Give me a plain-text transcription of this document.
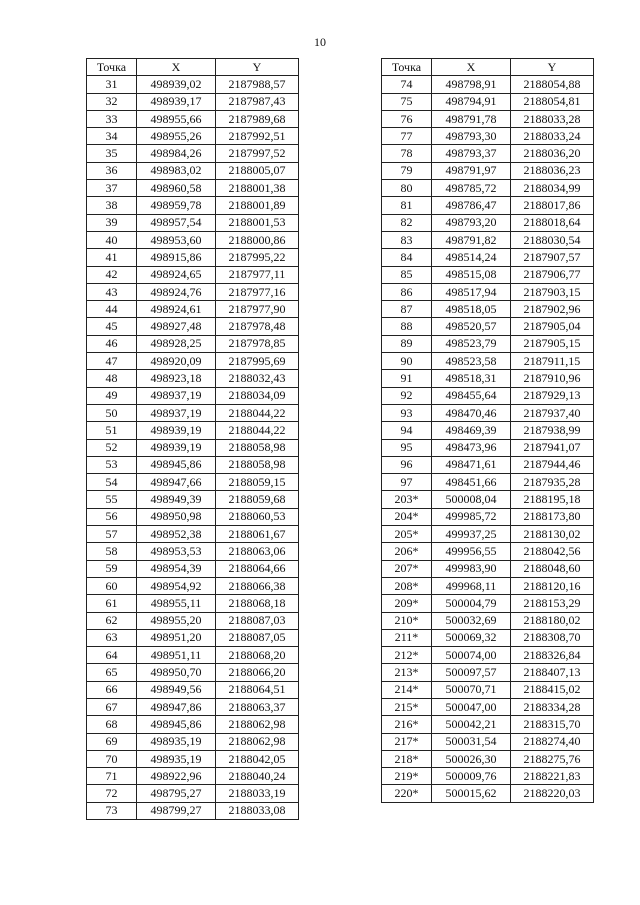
10
Точка	X	Y
31	498939,02	2187988,57
32	498939,17	2187987,43
33	498955,66	2187989,68
34	498955,26	2187992,51
35	498984,26	2187997,52
36	498983,02	2188005,07
37	498960,58	2188001,38
38	498959,78	2188001,89
39	498957,54	2188001,53
40	498953,60	2188000,86
41	498915,86	2187995,22
42	498924,65	2187977,11
43	498924,76	2187977,16
44	498924,61	2187977,90
45	498927,48	2187978,48
46	498928,25	2187978,85
47	498920,09	2187995,69
48	498923,18	2188032,43
49	498937,19	2188034,09
50	498937,19	2188044,22
51	498939,19	2188044,22
52	498939,19	2188058,98
53	498945,86	2188058,98
54	498947,66	2188059,15
55	498949,39	2188059,68
56	498950,98	2188060,53
57	498952,38	2188061,67
58	498953,53	2188063,06
59	498954,39	2188064,66
60	498954,92	2188066,38
61	498955,11	2188068,18
62	498955,20	2188087,03
63	498951,20	2188087,05
64	498951,11	2188068,20
65	498950,70	2188066,20
66	498949,56	2188064,51
67	498947,86	2188063,37
68	498945,86	2188062,98
69	498935,19	2188062,98
70	498935,19	2188042,05
71	498922,96	2188040,24
72	498795,27	2188033,19
73	498799,27	2188033,08
Точка	X	Y
74	498798,91	2188054,88
75	498794,91	2188054,81
76	498791,78	2188033,28
77	498793,30	2188033,24
78	498793,37	2188036,20
79	498791,97	2188036,23
80	498785,72	2188034,99
81	498786,47	2188017,86
82	498793,20	2188018,64
83	498791,82	2188030,54
84	498514,24	2187907,57
85	498515,08	2187906,77
86	498517,94	2187903,15
87	498518,05	2187902,96
88	498520,57	2187905,04
89	498523,79	2187905,15
90	498523,58	2187911,15
91	498518,31	2187910,96
92	498455,64	2187929,13
93	498470,46	2187937,40
94	498469,39	2187938,99
95	498473,96	2187941,07
96	498471,61	2187944,46
97	498451,66	2187935,28
203*	500008,04	2188195,18
204*	499985,72	2188173,80
205*	499937,25	2188130,02
206*	499956,55	2188042,56
207*	499983,90	2188048,60
208*	499968,11	2188120,16
209*	500004,79	2188153,29
210*	500032,69	2188180,02
211*	500069,32	2188308,70
212*	500074,00	2188326,84
213*	500097,57	2188407,13
214*	500070,71	2188415,02
215*	500047,00	2188334,28
216*	500042,21	2188315,70
217*	500031,54	2188274,40
218*	500026,30	2188275,76
219*	500009,76	2188221,83
220*	500015,62	2188220,03
